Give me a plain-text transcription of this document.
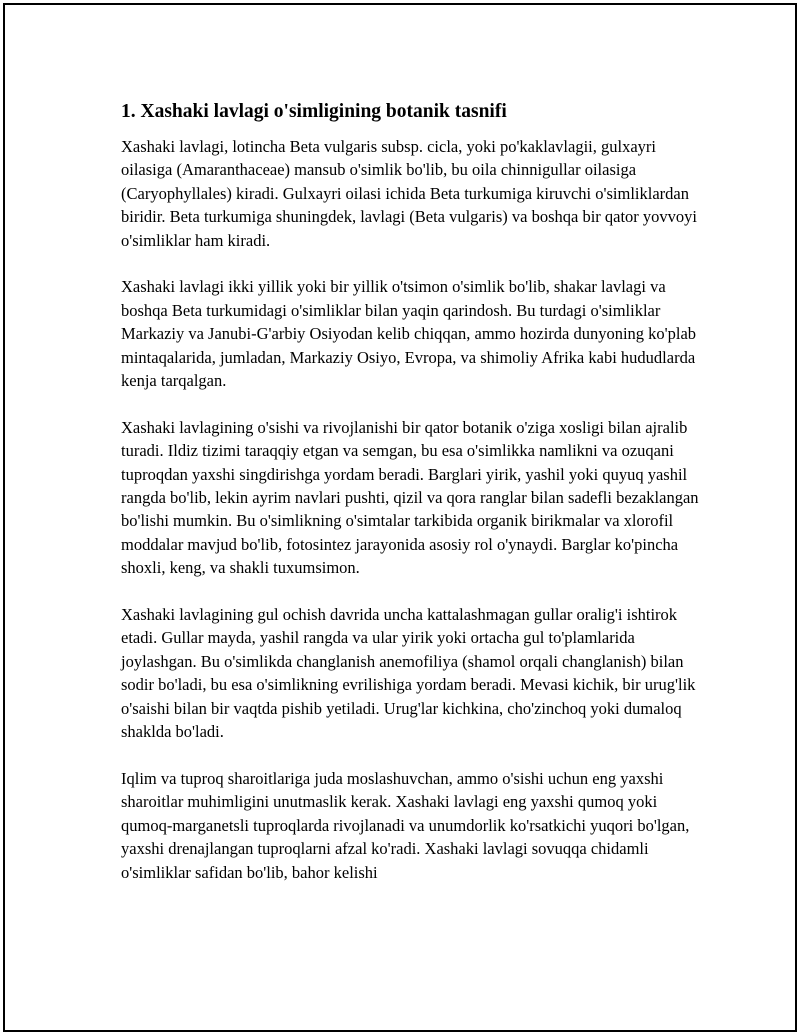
1. Xashaki lavlagi o'simligining botanik tasnifi

Xashaki lavlagi, lotincha Beta vulgaris subsp. cicla, yoki po'kaklavlagii, gulxayri oilasiga (Amaranthaceae) mansub o'simlik bo'lib, bu oila chinnigullar oilasiga (Caryophyllales) kiradi. Gulxayri oilasi ichida Beta turkumiga kiruvchi o'simliklardan biridir. Beta turkumiga shuningdek, lavlagi (Beta vulgaris) va boshqa bir qator yovvoyi o'simliklar ham kiradi.

Xashaki lavlagi ikki yillik yoki bir yillik o'tsimon o'simlik bo'lib, shakar lavlagi va boshqa Beta turkumidagi o'simliklar bilan yaqin qarindosh. Bu turdagi o'simliklar Markaziy va Janubi-G'arbiy Osiyodan kelib chiqqan, ammo hozirda dunyoning ko'plab mintaqalarida, jumladan, Markaziy Osiyo, Evropa, va shimoliy Afrika kabi hududlarda kenja tarqalgan.

Xashaki lavlagining o'sishi va rivojlanishi bir qator botanik o'ziga xosligi bilan ajralib turadi. Ildiz tizimi taraqqiy etgan va semgan, bu esa o'simlikka namlikni va ozuqani tuproqdan yaxshi singdirishga yordam beradi. Barglari yirik, yashil yoki quyuq yashil rangda bo'lib, lekin ayrim navlari pushti, qizil va qora ranglar bilan sadefli bezaklangan bo'lishi mumkin. Bu o'simlikning o'simtalar tarkibida organik birikmalar va xlorofil moddalar mavjud bo'lib, fotosintez jarayonida asosiy rol o'ynaydi. Barglar ko'pincha shoxli, keng, va shakli tuxumsimon.

Xashaki lavlagining gul ochish davrida uncha kattalashmagan gullar oralig'i ishtirok etadi. Gullar mayda, yashil rangda va ular yirik yoki ortacha gul to'plamlarida joylashgan. Bu o'simlikda changlanish anemofiliya (shamol orqali changlanish) bilan sodir bo'ladi, bu esa o'simlikning evrilishiga yordam beradi. Mevasi kichik, bir urug'lik o'saishi bilan bir vaqtda pishib yetiladi. Urug'lar kichkina, cho'zinchoq yoki dumaloq shaklda bo'ladi.

Iqlim va tuproq sharoitlariga juda moslashuvchan, ammo o'sishi uchun eng yaxshi sharoitlar muhimligini unutmaslik kerak. Xashaki lavlagi eng yaxshi qumoq yoki qumoq-marganetsli tuproqlarda rivojlanadi va unumdorlik ko'rsatkichi yuqori bo'lgan, yaxshi drenajlangan tuproqlarni afzal ko'radi. Xashaki lavlagi sovuqqa chidamli o'simliklar safidan bo'lib, bahor kelishi
